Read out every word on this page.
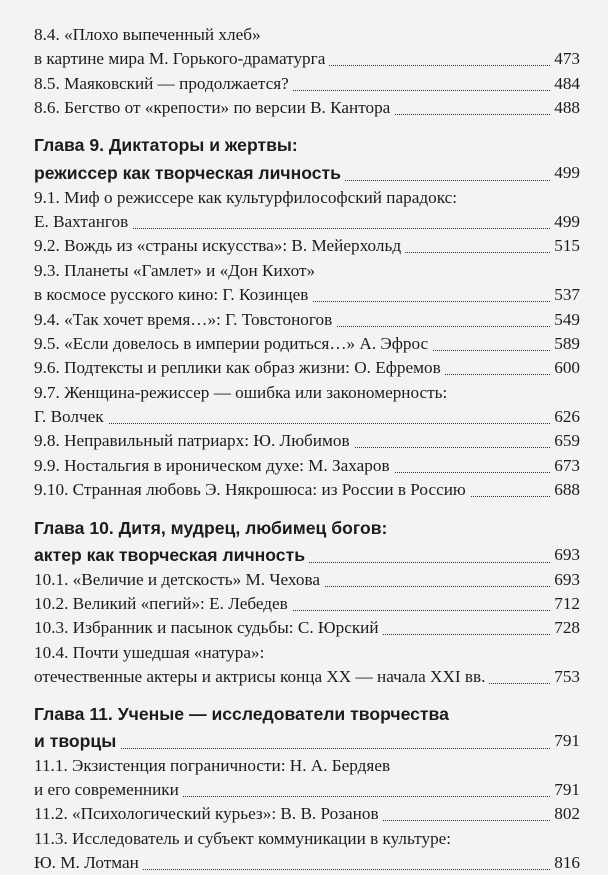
8.4. «Плохо выпеченный хлеб»
в картине мира М. Горького-драматурга	473
8.5. Маяковский — продолжается?	484
8.6. Бегство от «крепости» по версии В. Кантора	488
Глава 9. Диктаторы и жертвы:
режиссер как творческая личность	499
9.1. Миф о режиссере как культурфилософский парадокс:
Е. Вахтангов	499
9.2. Вождь из «страны искусства»: В. Мейерхольд	515
9.3. Планеты «Гамлет» и «Дон Кихот»
в космосе русского кино: Г. Козинцев	537
9.4. «Так хочет время…»: Г. Товстоногов	549
9.5. «Если довелось в империи родиться…» А. Эфрос	589
9.6. Подтексты и реплики как образ жизни: О. Ефремов	600
9.7. Женщина-режиссер — ошибка или закономерность:
Г. Волчек	626
9.8. Неправильный патриарх: Ю. Любимов	659
9.9. Ностальгия в ироническом духе: М. Захаров	673
9.10. Странная любовь Э. Някрошюса: из России в Россию	688
Глава 10. Дитя, мудрец, любимец богов:
актер как творческая личность	693
10.1. «Величие и детскость» М. Чехова	693
10.2. Великий «пегий»: Е. Лебедев	712
10.3. Избранник и пасынок судьбы: С. Юрский	728
10.4. Почти ушедшая «натура»:
отечественные актеры и актрисы конца XX — начала XXI вв.	753
Глава 11. Ученые — исследователи творчества
и творцы	791
11.1. Экзистенция пограничности: Н. А. Бердяев
и его современники	791
11.2. «Психологический курьез»: В. В. Розанов	802
11.3. Исследователь и субъект коммуникации в культуре:
Ю. М. Лотман	816
